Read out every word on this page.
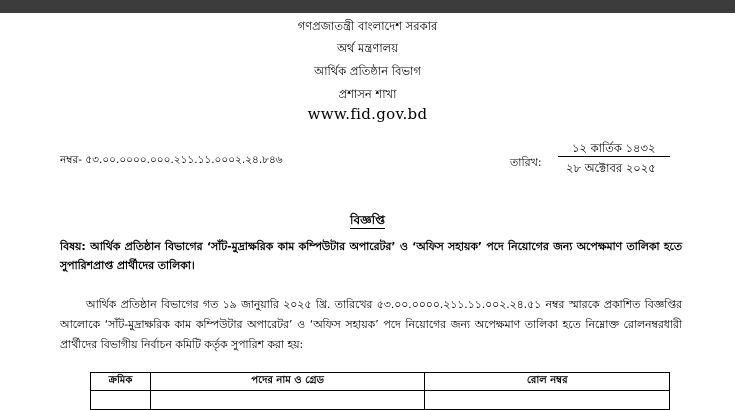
গণপ্রজাতন্ত্রী বাংলাদেশ সরকার
অর্থ মন্ত্রণালয়
আর্থিক প্রতিষ্ঠান বিভাগ
প্রশাসন শাখা
www.fid.gov.bd
নম্বর- ৫৩.০০.০০০০.০০০.২১১.১১.০০০২.২৪.৮৪৬	তারিখ:
১২ কার্তিক ১৪৩২
২৮ অক্টোবর ২০২৫
বিজ্ঞপ্তি
বিষয়: আর্থিক প্রতিষ্ঠান বিভাগের ‘সাঁট-মুদ্রাক্ষরিক কাম কম্পিউটার অপারেটর’ ও ‘অফিস সহায়ক’ পদে নিয়োগের জন্য অপেক্ষমাণ তালিকা হতে সুপারিশপ্রাপ্ত প্রার্থীদের তালিকা।
আর্থিক প্রতিষ্ঠান বিভাগের গত ১৯ জানুয়ারি ২০২৫ খ্রি. তারিখের ৫৩.০০.০০০০.২১১.১১.০০২.২৪.৫১ নম্বর স্মারকে প্রকাশিত বিজ্ঞপ্তির আলোকে ‘সাঁট-মুদ্রাক্ষরিক কাম কম্পিউটার অপারেটর’ ও ‘অফিস সহায়ক’ পদে নিয়োগের জন্য অপেক্ষমাণ তালিকা হতে নিম্নোক্ত রোলনম্বরধারী প্রার্থীদের বিভাগীয় নির্বাচন কমিটি কর্তৃক সুপারিশ করা হয়:
ক্রমিক	পদের নাম ও গ্রেড	রোল নম্বর
